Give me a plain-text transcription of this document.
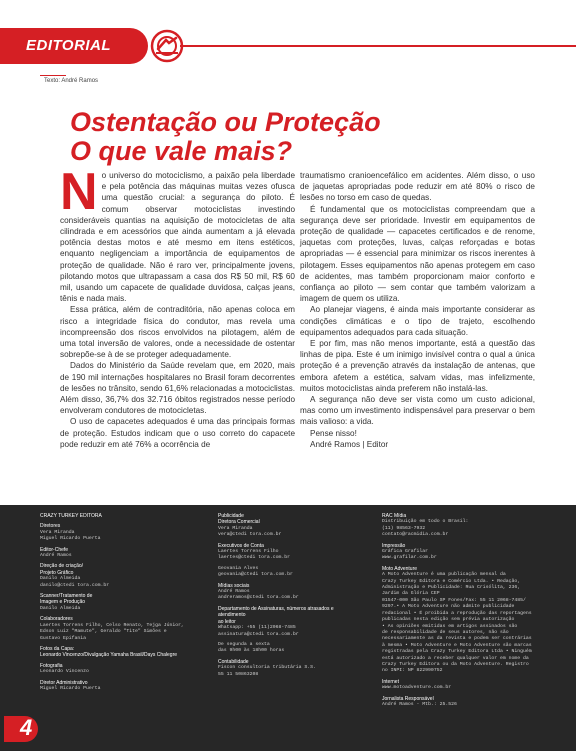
EDITORIAL
Texto: André Ramos
Ostentação ou Proteção
O que vale mais?

No universo do motociclismo, a paixão pela liberdade e pela potência das máquinas muitas vezes ofusca uma questão crucial: a segurança do piloto. É comum observar motociclistas investindo consideráveis quantias na aquisição de motocicletas de alta cilindrada e em acessórios que ainda aumentam a já elevada potência destas motos e até mesmo em itens estéticos, enquanto negligenciam a importância de equipamentos de proteção de qualidade. Não é raro ver, principalmente jovens, pilotando motos que ultrapassam a casa dos R$ 50 mil, R$ 60 mil, usando um capacete de qualidade duvidosa, calças jeans, tênis e nada mais.

Essa prática, além de contraditória, não apenas coloca em risco a integridade física do condutor, mas revela uma incompreensão dos riscos envolvidos na pilotagem, além de uma total inversão de valores, onde a necessidade de ostentar sobrepõe-se à de se proteger adequadamente.

Dados do Ministério da Saúde revelam que, em 2020, mais de 190 mil internações hospitalares no Brasil foram decorrentes de lesões no trânsito, sendo 61,6% relacionadas a motociclistas. Além disso, 36,7% dos 32.716 óbitos registrados nesse período envolveram condutores de motocicletas.

O uso de capacetes adequados é uma das principais formas de proteção. Estudos indicam que o uso correto do capacete pode reduzir em até 76% a ocorrência de

traumatismo cranioencefálico em acidentes. Além disso, o uso de jaquetas apropriadas pode reduzir em até 80% o risco de lesões no torso em caso de quedas.

É fundamental que os motociclistas compreendam que a segurança deve ser prioridade. Investir em equipamentos de proteção de qualidade — capacetes certificados e de renome, jaquetas com proteções, luvas, calças reforçadas e botas apropriadas — é essencial para minimizar os riscos inerentes à pilotagem. Esses equipamentos não apenas protegem em caso de acidentes, mas também proporcionam maior conforto e confiança ao piloto — sem contar que também valorizam a imagem de quem os utiliza.

Ao planejar viagens, é ainda mais importante considerar as condições climáticas e o tipo de trajeto, escolhendo equipamentos adequados para cada situação.

E por fim, mas não menos importante, está a questão das linhas de pipa. Este é um inimigo invisível contra o qual a única proteção é a prevenção através da instalação de antenas, que embora afetem a estética, salvam vidas, mas infelizmente, muitos motociclistas ainda preferem não instalá-las.

A segurança não deve ser vista como um custo adicional, mas como um investimento indispensável para preservar o bem mais valioso: a vida.

Pense nisso!

André Ramos | Editor

CRAZY TURKEY EDITORA
Diretores
Vera Miranda
Miguel Ricardo Puerta
Editor-Chefe
André Ramos
Direção de criação/
Projeto Gráfico
Danilo Almeida
danilo@ctedi tora.com.br
Scanner/Tratamento de
Imagem e Produção
Danilo Almeida
Colaboradores
Laertes Torrens Filho, Celso Renato, Tejga Júnior,
Edson Luiz "Mamute", Geraldo "Tite" Simões e
Gustavo Epifania
Fotos da Capa:
Leonardo Vincenzo/Divulgação Yamaha Brasil/Days Chalegre
Fotografia
Leonardo Vincenzo
Diretor Administrativo
Miguel Ricardo Puerta
Publicidade
Diretora Comercial
Vera Miranda
vera@ctedi tora.com.br
Executivos de Conta
Laertes Torrens Filho
laertes@ctedi tora.com.br
Geovania Alves
geovania@ctedi tora.com.br
Mídias sociais
André Ramos
andreramos@ctedi tora.com.br
Departamento de Assinaturas, números atrasados e atendimento
ao leitor
Whatsapp: +55 (11)2068-7485
assinatura@ctedi tora.com.br
De segunda a sexta
das 9h00 às 18h00 horas
Contabilidade
Fiscon consultoria tributária S.S.
55 11 50863208
RAC Mídia
Distribuição em todo o Brasil:
(11) 98563-7932
contato@racmidia.com.br
Impressão
Gráfica Grafilar
www.grafilar.com.br
Moto Adventure
A Moto Adventure é uma publicação mensal da
Crazy Turkey Editora e Comércio Ltda. • Redação,
Administração e Publicidade: Rua Crisólita, 236,
Jardim da Glória CEP
01547-000 São Paulo SP Fones/Fax: 55 11 2068-7485/
9297.• A Moto Adventure não admite publicidade
redacional • É proibida a reprodução das reportagens
publicadas nesta edição sem prévia autorização
• As opiniões emitidas em artigos assinados são
de responsabilidade de seus autores, não são
necessariamente as da revista e podem ser contrárias
à mesma • Moto Adventure e Moto Adventure são marcas
registradas pela Crazy Turkey Editora Ltda • Ninguém
está autorizado a receber qualquer valor em nome da
Crazy Turkey Editora ou da Moto Adventure. Registro
no INPI: NP 822990752
Internet
www.motoadventure.com.br
Jornalista Responsável
André Ramos - Mtb.: 25.526
4
